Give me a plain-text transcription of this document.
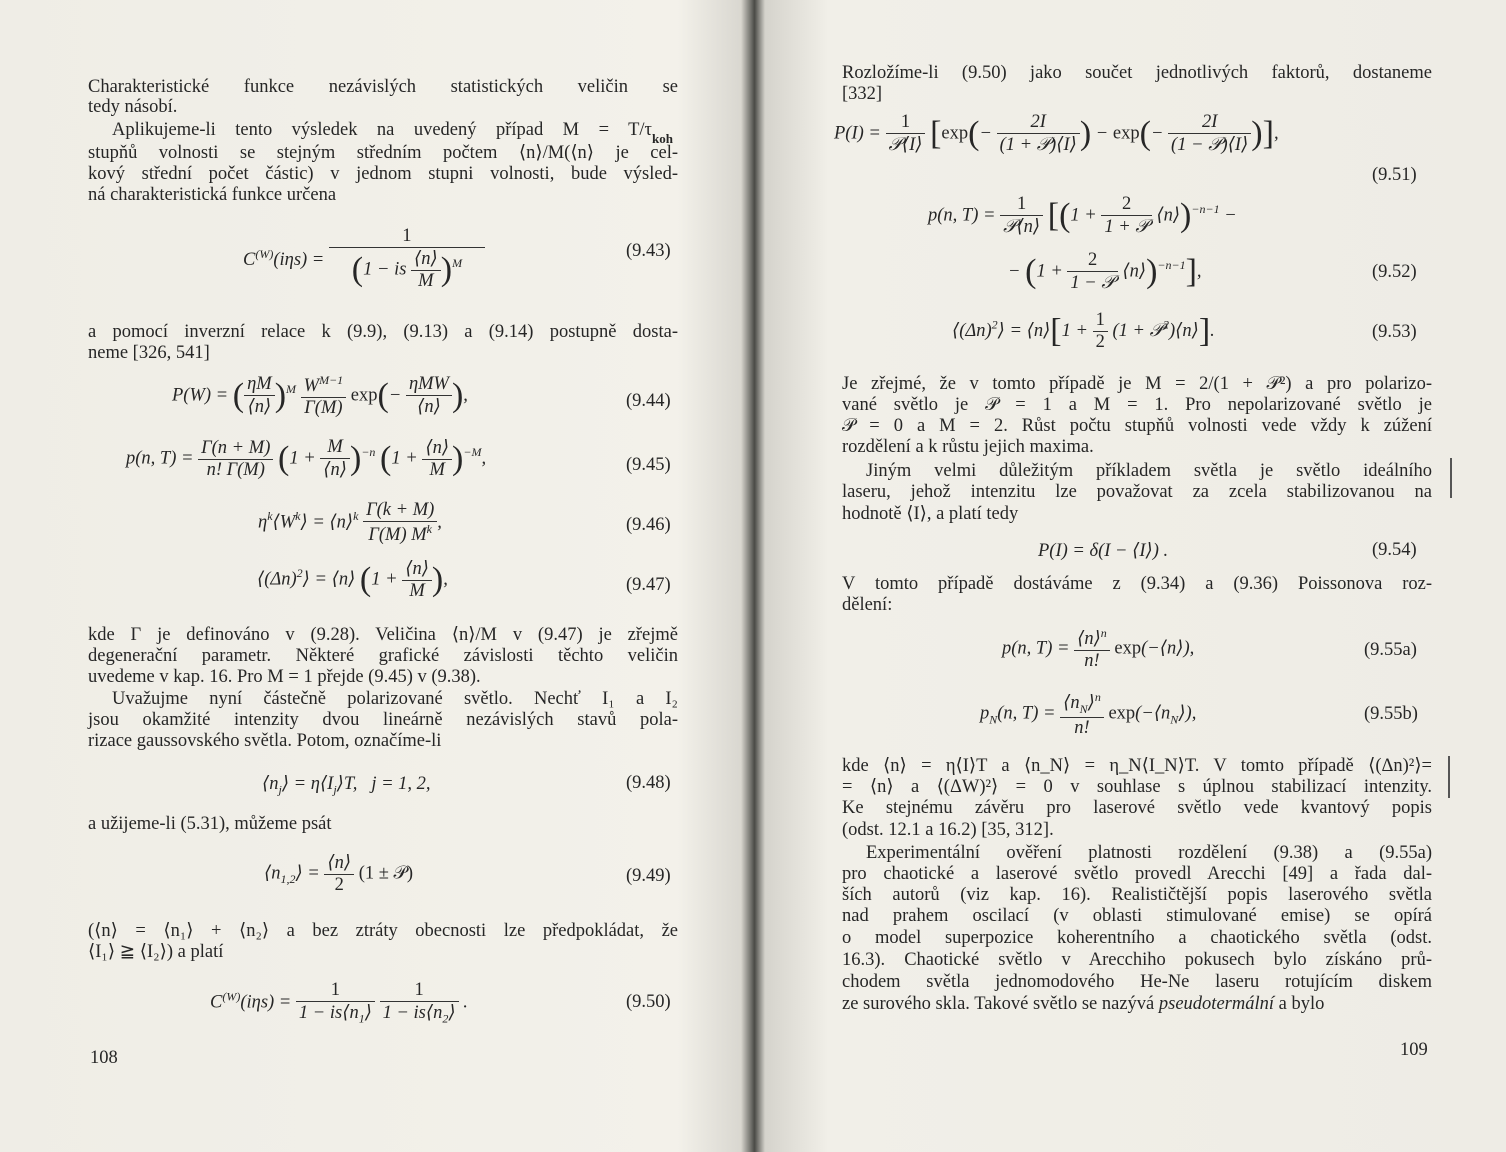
Charakteristické funkce nezávislých statistických veličin se
tedy násobí.
Aplikujeme-li tento výsledek na uvedený případ M = T/τ koh
stupňů volnosti se stejným středním počtem ⟨n⟩/M(⟨n⟩ je cel-
kový střední počet částic) v jednom stupni volnosti, bude výsled-
ná charakteristická funkce určena
$C^{(W)}(i\eta s) = \frac{1}{(1 - is \frac{⟨n⟩}{M} )^M}$	(9.43)
a pomocí inverzní relace k (9.9), (9.13) a (9.14) postupně dosta-
neme [326, 541]
P(W) = ( $\frac{\eta M}{⟨n⟩} )^M \frac{W^{M-1}}{\Gamma(M)} \exp(- \frac{\text{ηMW}}{⟨n⟩}$ ),	(9.44)
p(n, $T) = \frac{\Gamma(n + M)}{n! \Gamma(M)} (1 + \frac{M}{⟨n⟩} )^{-n}$ $(1 + \frac{⟨n⟩}{M} )^{-M}$,	(9.45)
$\eta^k⟨W^k⟩$ = ⟨n⟩$^k$ $\frac{\Gamma(k + M)}{\Gamma(M) M^k}$ ,	(9.46)
$⟨(\Delta n)^2⟩$ = ⟨n⟩ ($1 + \frac{⟨n⟩}{M}$ ),	(9.47)
kde Γ je definováno v (9.28). Veličina ⟨n⟩/M v (9.47) je zřejmě
degenerační parametr. Některé grafické závislosti těchto veličin
uvedeme v kap. 16. Pro M = 1 přejde (9.45) v (9.38).
Uvažujme nyní částečně polarizované světlo. Nechť I₁ a I₂
jsou okamžité intenzity dvou lineárně nezávislých stavů pola-
rizace gaussovského světla. Potom, označíme-li
$⟨n_j⟩$ = $\eta⟨I_j⟩T$,   j = 1, 2,	(9.48)
a užijeme-li (5.31), můžeme psát
$⟨n_{1,2}⟩ = \frac{⟨n⟩}{2} (1$ ± 𝒫)	(9.49)
(⟨n⟩ = ⟨n₁⟩ + ⟨n₂⟩ a bez ztráty obecnosti lze předpokládat, že
⟨I₁⟩ ≧ ⟨I₂⟩) a platí
$C^{(W)}(i\eta s) = \frac{1}{1 - is⟨n_1⟩}$
$\frac{1}{1 - is⟨n_2⟩}$ .	(9.50)
108
Rozložíme-li (9.50) jako součet jednotlivých faktorů, dostaneme
[332]
$P(I) = \frac{1}{\text{𝒫⟨I⟩}} [\exp(- \frac{2I}{\text{(1 + 𝒫)⟨I⟩}}$ ) − $\exp(- \frac{2I}{\text{(1 − 𝒫)⟨I⟩}}$ )],
(9.51)
p(n, $T) = \frac{1}{\text{𝒫⟨n⟩}} [(1 + \frac{2}{\text{1 + 𝒫}}$ ⟨n⟩)$^{-n-1}$ −
− ($1 + \frac{2}{\text{1 − 𝒫}}$ ⟨n⟩)$^{-n-1}$],	(9.52)
$⟨(\Delta n)^2⟩$ = ⟨n⟩[1 + $\frac{1}{2} (1$ + 𝒫$^2$)⟨n⟩].	(9.53)
Je zřejmé, že v tomto případě je M = 2/(1 + 𝒫²) a pro polarizo-
vané světlo je 𝒫 = 1 a M = 1. Pro nepolarizované světlo je
𝒫 = 0 a M = 2. Růst počtu stupňů volnosti vede vždy k zúžení
rozdělení a k růstu jejich maxima.
Jiným velmi důležitým příkladem světla je světlo ideálního
laseru, jehož intenzitu lze považovat za zcela stabilizovanou na
hodnotě ⟨I⟩, a platí tedy
P(I) = δ(I − ⟨I⟩) .	(9.54)
V tomto případě dostáváme z (9.34) a (9.36) Poissonova roz-
dělení:
p(n, $T) = \frac{⟨n⟩^n}{n!}$ exp(−⟨n⟩),	(9.55a)
$p_N(n$, $T) = \frac{⟨n_N⟩^n}{n!}$ $\exp(-⟨n_N⟩)$,	(9.55b)
kde ⟨n⟩ = η⟨I⟩T a ⟨n_N⟩ = η_N⟨I_N⟩T. V tomto případě ⟨(Δn)²⟩=
= ⟨n⟩ a ⟨(ΔW)²⟩ = 0 v souhlase s úplnou stabilizací intenzity.
Ke stejnému závěru pro laserové světlo vede kvantový popis
(odst. 12.1 a 16.2) [35, 312].
Experimentální ověření platnosti rozdělení (9.38) a (9.55a)
pro chaotické a laserové světlo provedl Arecchi [49] a řada dal-
ších autorů (viz kap. 16). Realističtější popis laserového světla
nad prahem oscilací (v oblasti stimulované emise) se opírá
o model superpozice koherentního a chaotického světla (odst.
16.3). Chaotické světlo v Arecchiho pokusech bylo získáno prů-
chodem světla jednomodového He-Ne laseru rotujícím diskem
ze surového skla. Takové světlo se nazývá pseudotermální a bylo
109
